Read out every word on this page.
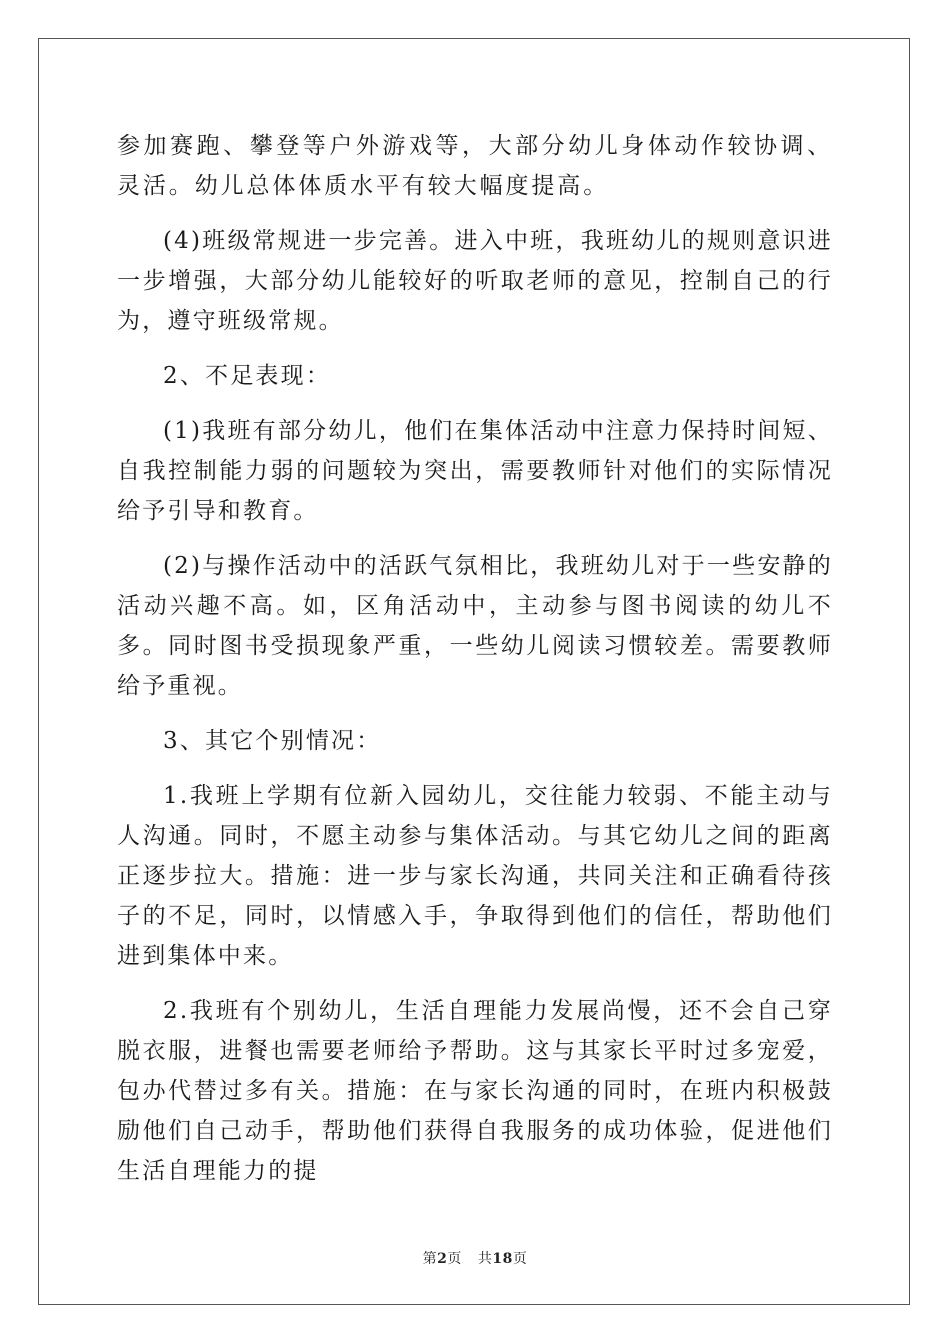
参加赛跑、攀登等户外游戏等，大部分幼儿身体动作较协调、灵活。幼儿总体体质水平有较大幅度提高。

(4)班级常规进一步完善。进入中班，我班幼儿的规则意识进一步增强，大部分幼儿能较好的听取老师的意见，控制自己的行为，遵守班级常规。

2、不足表现：

(1)我班有部分幼儿，他们在集体活动中注意力保持时间短、自我控制能力弱的问题较为突出，需要教师针对他们的实际情况给予引导和教育。

(2)与操作活动中的活跃气氛相比，我班幼儿对于一些安静的活动兴趣不高。如，区角活动中，主动参与图书阅读的幼儿不多。同时图书受损现象严重，一些幼儿阅读习惯较差。需要教师给予重视。

3、其它个别情况：

1.我班上学期有位新入园幼儿，交往能力较弱、不能主动与人沟通。同时，不愿主动参与集体活动。与其它幼儿之间的距离正逐步拉大。措施：进一步与家长沟通，共同关注和正确看待孩子的不足，同时，以情感入手，争取得到他们的信任，帮助他们进到集体中来。

2.我班有个别幼儿，生活自理能力发展尚慢，还不会自己穿脱衣服，进餐也需要老师给予帮助。这与其家长平时过多宠爱，包办代替过多有关。措施：在与家长沟通的同时，在班内积极鼓励他们自己动手，帮助他们获得自我服务的成功体验，促进他们生活自理能力的提

第2页 共18页
